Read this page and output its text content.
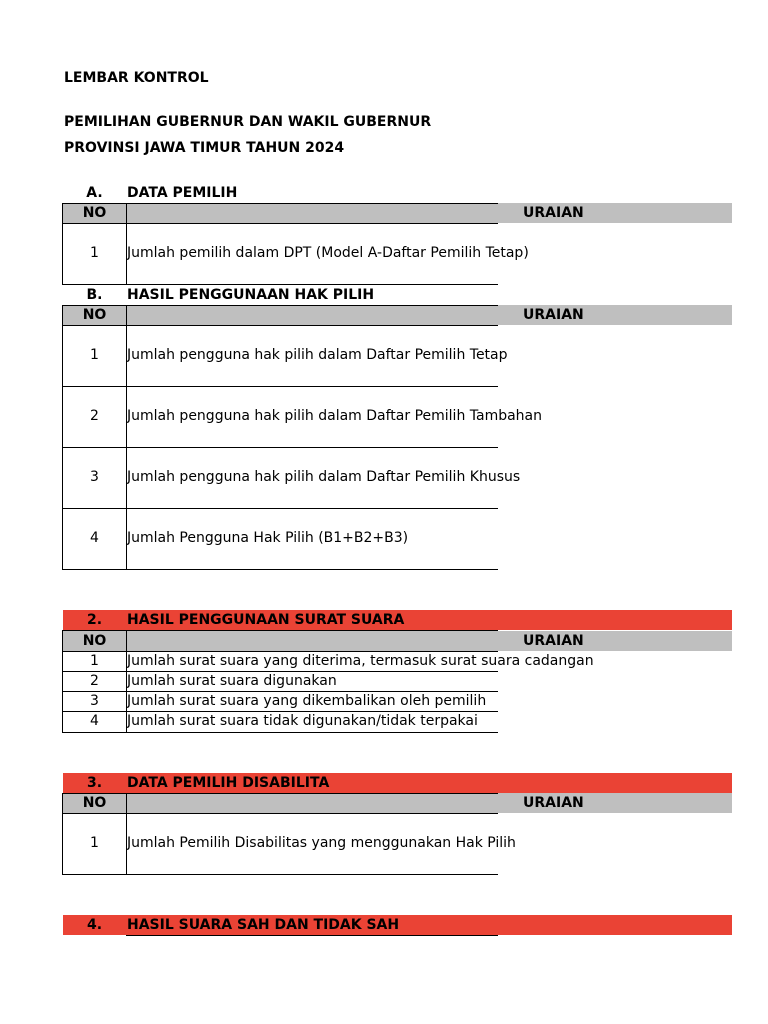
LEMBAR KONTROL
PEMILIHAN GUBERNUR DAN WAKIL GUBERNUR
PROVINSI JAWA TIMUR TAHUN 2024
A.	DATA PEMILIH
NO	URAIAN
1	Jumlah pemilih dalam DPT (Model A-Daftar Pemilih Tetap)
B.	HASIL PENGGUNAAN HAK PILIH
NO	URAIAN
1	Jumlah pengguna hak pilih dalam Daftar Pemilih Tetap
2	Jumlah pengguna hak pilih dalam Daftar Pemilih Tambahan
3	Jumlah pengguna hak pilih dalam Daftar Pemilih Khusus
4	Jumlah Pengguna Hak Pilih (B1+B2+B3)
2.	HASIL PENGGUNAAN SURAT SUARA
NO	URAIAN
1	Jumlah surat suara yang diterima, termasuk surat suara cadangan
2	Jumlah surat suara digunakan
3	Jumlah surat suara yang dikembalikan oleh pemilih
4	Jumlah surat suara tidak digunakan/tidak terpakai
3.	DATA PEMILIH DISABILITA
NO	URAIAN
1	Jumlah Pemilih Disabilitas yang menggunakan Hak Pilih
4.	HASIL SUARA SAH DAN TIDAK SAH
